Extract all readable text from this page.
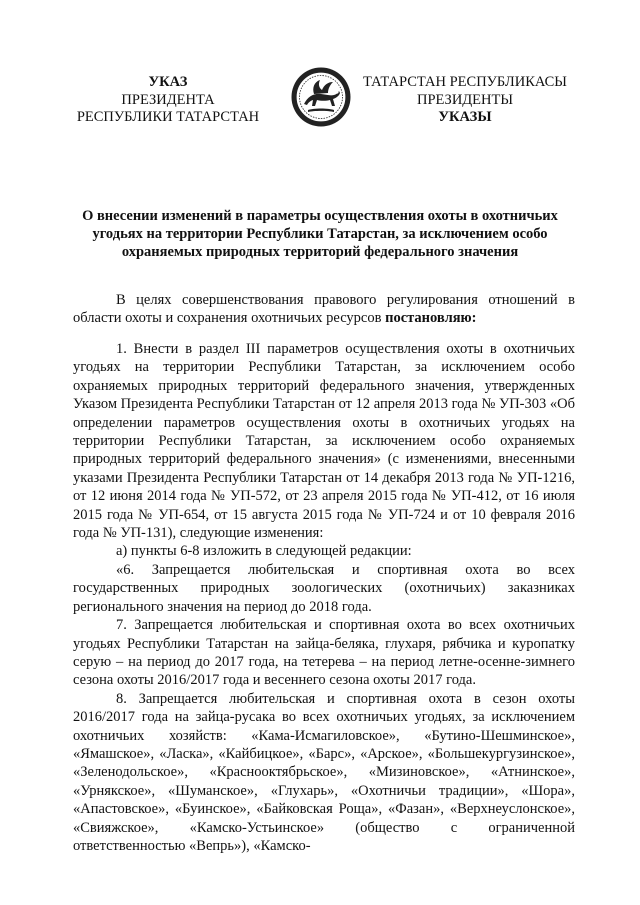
УКАЗ
ПРЕЗИДЕНТА
РЕСПУБЛИКИ ТАТАРСТАН
ТАТАРСТАН РЕСПУБЛИКАСЫ
ПРЕЗИДЕНТЫ
УКАЗЫ
О внесении изменений в параметры осуществления охоты в охотничьих угодьях на территории Республики Татарстан, за исключением особо охраняемых природных территорий федерального значения

В целях совершенствования правового регулирования отношений в области охоты и сохранения охотничьих ресурсов постановляю:

1. Внести в раздел III параметров осуществления охоты в охотничьих угодьях на территории Республики Татарстан, за исключением особо охраняемых природных территорий федерального значения, утвержденных Указом Президента Республики Татарстан от 12 апреля 2013 года № УП-303 «Об определении параметров осуществления охоты в охотничьих угодьях на территории Республики Татарстан, за исключением особо охраняемых природных территорий федерального значения» (с изменениями, внесенными указами Президента Республики Татарстан от 14 декабря 2013 года № УП-1216, от 12 июня 2014 года № УП-572, от 23 апреля 2015 года № УП-412, от 16 июля 2015 года № УП-654, от 15 августа 2015 года № УП-724 и от 10 февраля 2016 года № УП-131), следующие изменения:

а) пункты 6-8 изложить в следующей редакции:

«6. Запрещается любительская и спортивная охота во всех государственных природных зоологических (охотничьих) заказниках регионального значения на период до 2018 года.

7. Запрещается любительская и спортивная охота во всех охотничьих угодьях Республики Татарстан на зайца-беляка, глухаря, рябчика и куропатку серую – на период до 2017 года, на тетерева – на период летне-осенне-зимнего сезона охоты 2016/2017 года и весеннего сезона охоты 2017 года.

8. Запрещается любительская и спортивная охота в сезон охоты 2016/2017 года на зайца-русака во всех охотничьих угодьях, за исключением охотничьих хозяйств: «Кама-Исмагиловское», «Бутино-Шешминское», «Ямашское», «Ласка», «Кайбицкое», «Барс», «Арское», «Большекургузинское», «Зеленодольское», «Краснооктябрьское», «Мизиновское», «Атнинское», «Урнякское», «Шуманское», «Глухарь», «Охотничьи традиции», «Шора», «Апастовское», «Буинское», «Байковская Роща», «Фазан», «Верхнеуслонское», «Свияжское», «Камско-Устьинское» (общество с ограниченной ответственностью «Вепрь»), «Камско-
